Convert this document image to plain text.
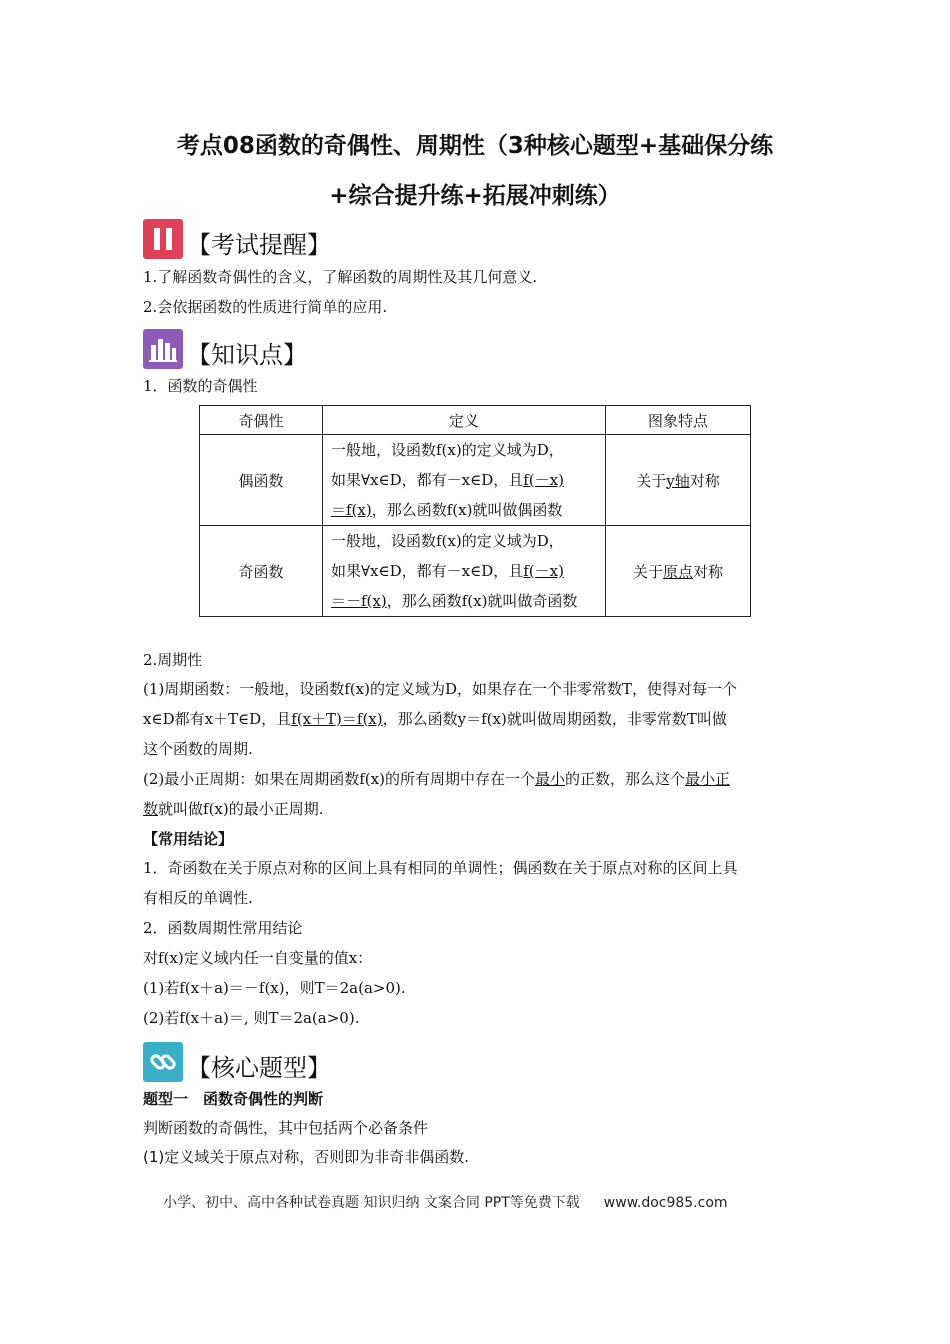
考点08函数的奇偶性、周期性（3种核心题型+基础保分练
+综合提升练+拓展冲刺练）
【考试提醒】
1.了解函数奇偶性的含义，了解函数的周期性及其几何意义.
2.会依据函数的性质进行简单的应用.
【知识点】
1．函数的奇偶性
奇偶性	定义	图象特点
偶函数	一般地，设函数f(x)的定义域为D，
如果∀x∈D，都有－x∈D，且f(－x)
＝f(x)，那么函数f(x)就叫做偶函数	关于y轴对称
奇函数	一般地，设函数f(x)的定义域为D，
如果∀x∈D，都有－x∈D，且f(－x)
＝－f(x)，那么函数f(x)就叫做奇函数	关于原点对称
2.周期性
(1)周期函数：一般地，设函数f(x)的定义域为D，如果存在一个非零常数T，使得对每一个
x∈D都有x＋T∈D，且f(x＋T)＝f(x)，那么函数y＝f(x)就叫做周期函数，非零常数T叫做
这个函数的周期.
(2)最小正周期：如果在周期函数f(x)的所有周期中存在一个最小的正数，那么这个最小正
数就叫做f(x)的最小正周期.
【常用结论】
1．奇函数在关于原点对称的区间上具有相同的单调性；偶函数在关于原点对称的区间上具
有相反的单调性.
2．函数周期性常用结论
对f(x)定义域内任一自变量的值x：
(1)若f(x＋a)＝－f(x)，则T＝2a(a>0).
(2)若f(x＋a)＝, 则T＝2a(a>0).
【核心题型】
题型一　函数奇偶性的判断
判断函数的奇偶性，其中包括两个必备条件
(1)定义域关于原点对称，否则即为非奇非偶函数.
小学、初中、高中各种试卷真题 知识归纳 文案合同 PPT等免费下载 www.doc985.com
